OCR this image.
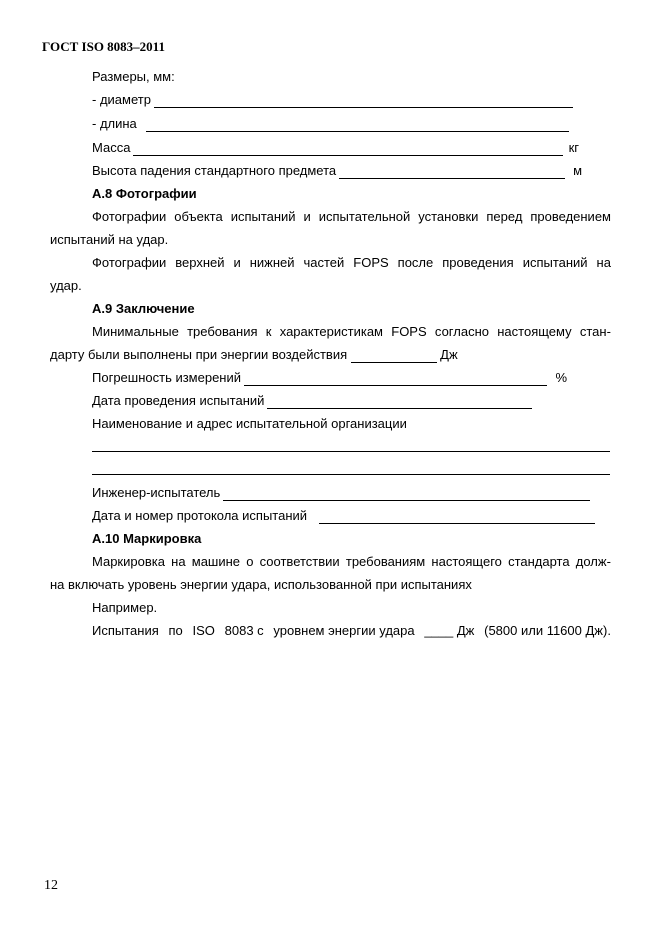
ГОСТ ISO 8083–2011
Размеры, мм:
- диаметр
- длина
Масса	кг
Высота падения стандартного предмета	м
А.8 Фотографии
Фотографии объекта испытаний и испытательной установки перед проведением
испытаний на удар.
Фотографии верхней и нижней частей FOPS после проведения испытаний на
удар.
А.9 Заключение
Минимальные требования к характеристикам FOPS согласно настоящему стан-
дарту были выполнены при энергии воздействия	Дж
Погрешность измерений	%
Дата проведения испытаний
Наименование и адрес испытательной организации
Инженер-испытатель
Дата и номер протокола испытаний
А.10 Маркировка
Маркировка на машине о соответствии требованиям настоящего стандарта долж-
на включать уровень энергии удара, использованной при испытаниях
Например.
Испытания по ISO 8083 с уровнем энергии удара ____ Дж (5800 или 11600 Дж).
12
